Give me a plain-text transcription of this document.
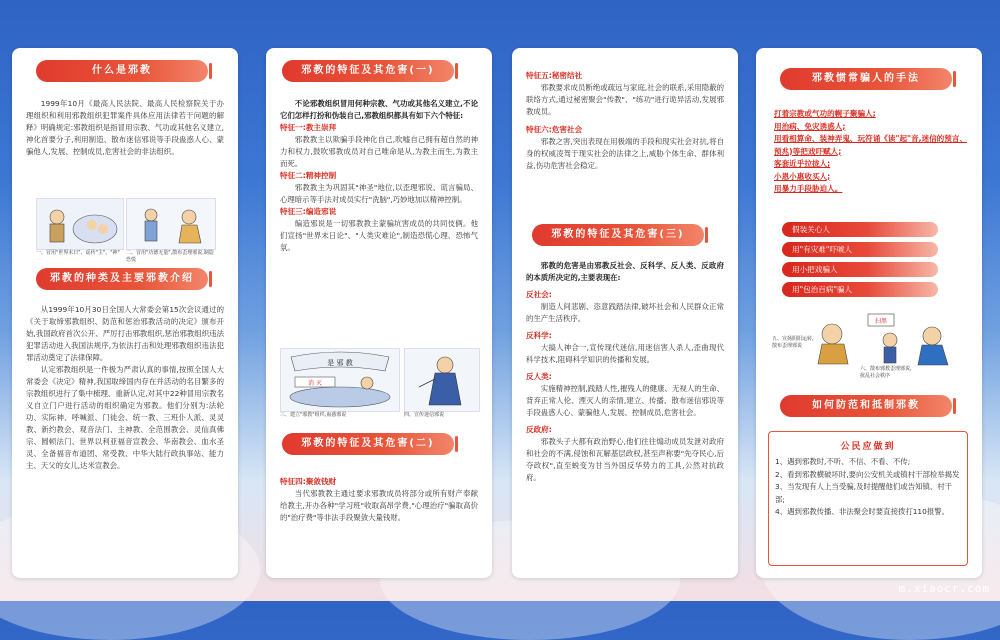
什么是邪教

1999年10月《最高人民法院、最高人民检察院关于办理组织和利用邪教组织犯罪案件具体应用法律若干问题的解释》明确规定:邪教组织是指冒用宗教、气功或其他名义建立,神化首要分子,利用制造、散布迷信邪说等手段蛊惑人心、蒙骗他人,发展、控制成员,危害社会的非法组织。

一、冒用"世界末日"、谣传"主"、"神"	二、冒用"功德无量",散布歪理邪说,制造恐慌
邪教的种类及主要邪教介绍

从1999年10月30日全国人大常委会第15次会议通过的《关于取缔邪教组织、防范和惩治邪教活动的决定》颁布开始,我国政府首次公开、严厉打击邪教组织,惩治邪教组织违法犯罪活动进入我国法规序,为依法打击和处理邪教组织违法犯罪活动奠定了法律保障。

认定邪教组织是一件极为严肃认真的事情,按照全国人大常委会《决定》精神,我国取缔国内存在并活动的名目繁多的宗教组织进行了集中梳理、重新认定,对其中22种冒用宗教名义自立门户进行活动的组织确定为邪教。他们分别为:法轮功、实际神、呼喊派、门徒会、统一教、三班仆人派、灵灵教、新约教会、观音法门、主神教、全范围教会、灵仙真佛宗、圆顿法门、世界以利亚福音宣教会、华南教会、血水圣灵、全备福音布道团、常受教、中华大陆行政执事站、能力主、天父的女儿,达米宣教会。

邪教的特征及其危害(一)

不论邪教组织冒用何种宗教、气功或其他名义建立,不论它们怎样打扮和伪装自己,邪教组织都具有如下六个特征:

特征一:教主崇拜

邪教教主以欺骗手段神化自己,吹嘘自己拥有超自然的神力和权力,鼓吹邪教成员对自己唯命是从,为教主而生,为教主而死。

特征二:精神控制

邪教教主为巩固其"神圣"地位,以歪理邪说、谎言骗局、心理暗示等手法对成员实行"洗脑",巧妙地加以精神控制。

特征三:编造邪说

编造邪说是一切邪教教主蒙骗坑害成员的共同伎俩。他们宣扬"世界末日论"、"人类灾难论",制造恐慌心理、恐怖气氛。

是 邪 教
消 灭
三、建立"邪教"组织,蛊惑邪说	四、宣传迷信邪说
邪教的特征及其危害(二)
特征四:聚敛钱财

当代邪教教主通过要求邪教成员将部分或所有财产奉献给教主,开办各种"学习班"收取高昂学费,"心理治疗"骗取高价的"治疗费"等非法手段聚敛大量钱财。

特征五:秘密结社

邪教要求成员断绝或疏远与家庭,社会的联系,采用隐蔽的联络方式,通过秘密聚会"传教"、"练功"进行诡异活动,发展邪教成员。

特征六:危害社会

邪教之害,突出表现在用极端的手段和现实社会对抗,将自身的权威凌驾于现实社会的法律之上,威胁个体生命、群体利益,伤功危害社会稳定。

邪教的特征及其危害(三)

邪教的危害是由邪教反社会、反科学、反人类、反政府的本质所决定的,主要表现在:

反社会:

制造人间悲剧、恣意践踏法律,破坏社会和人民群众正常的生产生活秩序。

反科学:

大搞人神合一,宣传现代迷信,用迷信害人杀人,歪曲现代科学技术,阻碍科学知识的传播和发展。

反人类:

实施精神控制,践踏人性,摧残人的健康、无视人的生命、背弃正常人伦、湮灭人的亲情,建立、传播、散布迷信邪说等手段蛊惑人心、蒙骗他人,发展、控制成员,危害社会。

反政府:

邪教头子大都有政治野心,他们往往煽动成员发泄对政府和社会的不满,侵蚀和瓦解基层政权,甚至声称要"先夺民心,后夺政权",直至蜕变为甘当外国反华势力的工具,公然对抗政府。

邪教惯常骗人的手法
打着宗教或气功的幌子聚骗人;
用治病、免灾诱惑人;
用看相算命、装神弄鬼、玩符诵《读"起"音,迷信的预言、预兆)等把戏吓赋人;
客套近乎拉拢人;
小恩小惠收买人;
用暴力手段胁迫人。
假装关心人
用"有灾难"吓唬人
用小把戏骗人
用"包治百病"骗人
五、宣扬阴阳运转,
散布歪理邪说
扫黑
六、散布邪教歪理邪说,
扰乱社会秩序
如何防范和抵制邪教
公民应做到
1、遇到邪教时,不听、不信、不看、不传;
2、看到邪教横破坏时,要向公安机关或镇村干部检举揭发
3、当发现有人上当受骗,及时提醒他们或告知镇、村干部;
4、遇到邪教传播、非法聚会时要直接拨打110报警。
m.xiaocr.com
